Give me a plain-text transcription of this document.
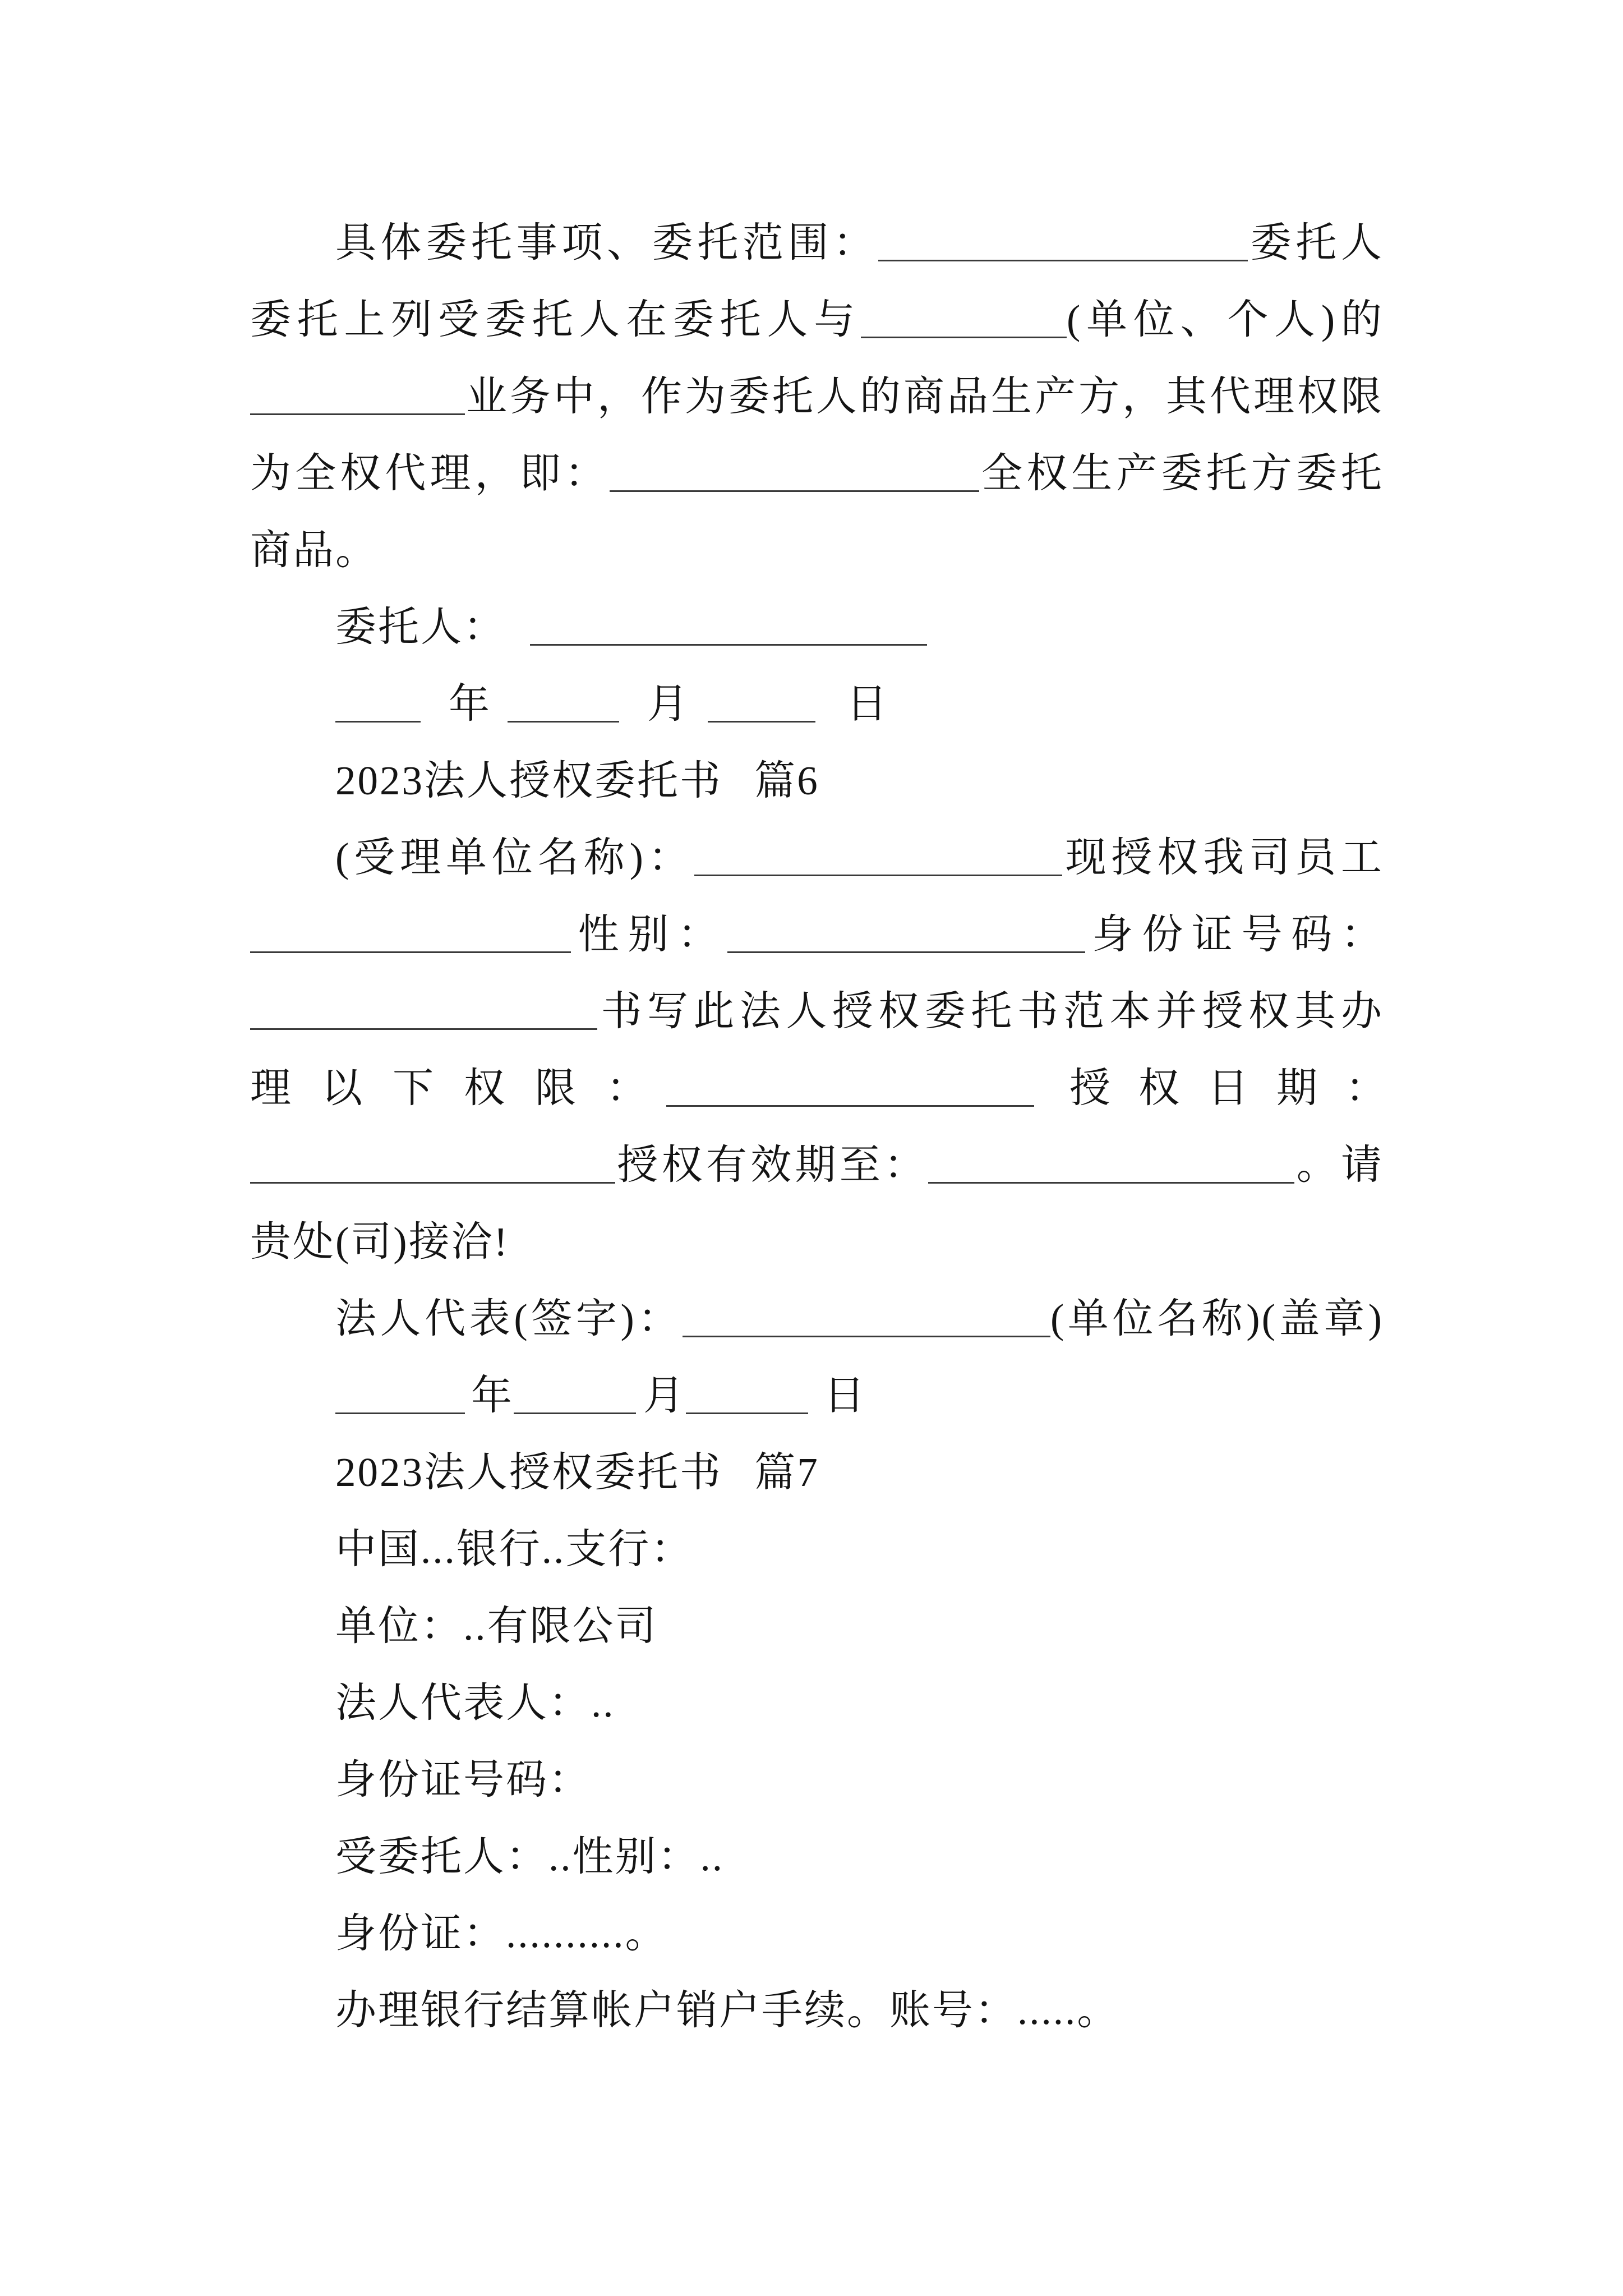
具体委托事项、委托范围：	委托人
委托上列受委托人在委托人与	(单位、个人)的
业务中，作为委托人的商品生产方，其代理权限
为全权代理，即：	全权生产委托方委托
商品。
委托人：
年	月	日
2023法人授权委托书 篇6
(受理单位名称)：	现授权我司员工
性别：	身份证号码：
书写此法人授权委托书范本并授权其办
理以下权限：	授权日期：
授权有效期至：	。请
贵处(司)接洽!
法人代表(签字)：	(单位名称)(盖章)
年	月	日
2023法人授权委托书 篇7
中国...银行..支行：
单位：..有限公司
法人代表人：..
身份证号码：
受委托人：..性别：..
身份证：..........。
办理银行结算帐户销户手续。账号：.....。
